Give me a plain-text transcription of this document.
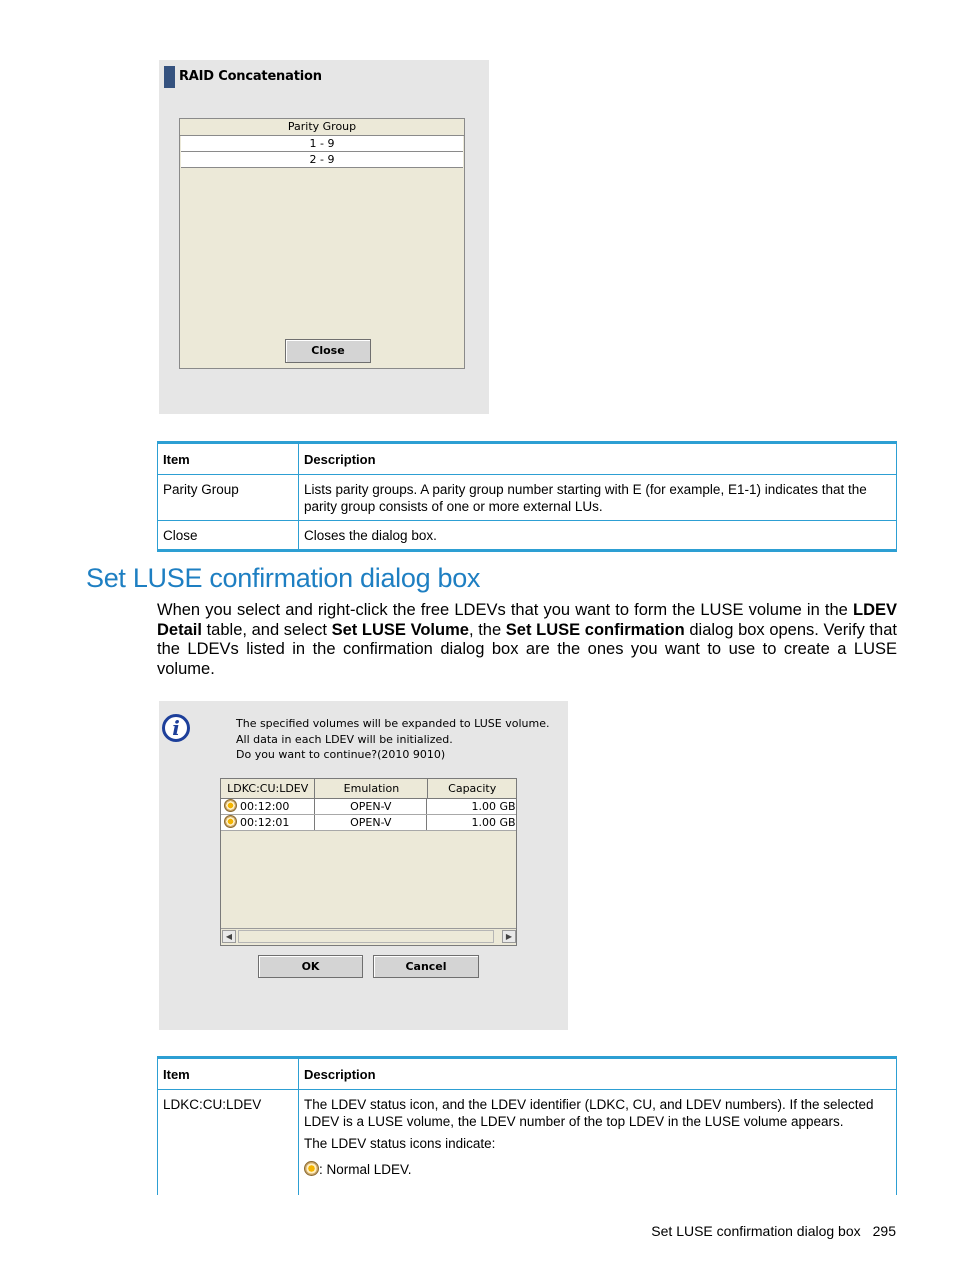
RAID Concatenation
Parity Group
1 - 9
2 - 9
Close
Item	Description
Parity Group	Lists parity groups. A parity group number starting with E (for example, E1-1) indicates that the parity group consists of one or more external LUs.
Close	Closes the dialog box.
Set LUSE confirmation dialog box

When you select and right-click the free LDEVs that you want to form the LUSE volume in the LDEV Detail table, and select Set LUSE Volume, the Set LUSE confirmation dialog box opens. Verify that the LDEVs listed in the confirmation dialog box are the ones you want to use to create a LUSE volume.

i	The specified volumes will be expanded to LUSE volume.
All data in each LDEV will be initialized.
Do you want to continue?(2010 9010)
LDKC:CU:LDEV	Emulation	Capacity
00:12:00	OPEN-V	1.00 GB
00:12:01	OPEN-V	1.00 GB
◀	▶
OK	Cancel
Item	Description
LDKC:CU:LDEV	The LDEV status icon, and the LDEV identifier (LDKC, CU, and LDEV numbers). If the selected LDEV is a LUSE volume, the LDEV number of the top LDEV in the LUSE volume appears.

The LDEV status icons indicate:

: Normal LDEV.

Set LUSE confirmation dialog box 295
